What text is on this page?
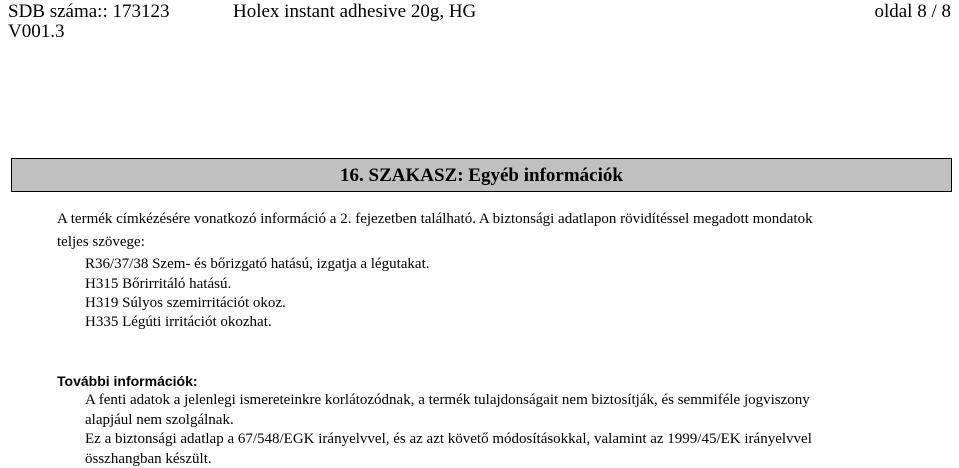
SDB száma:: 173123	Holex instant adhesive 20g, HG	oldal 8 / 8
V001.3
16. SZAKASZ: Egyéb információk
A termék címkézésére vonatkozó információ a 2. fejezetben található. A biztonsági adatlapon rövidítéssel megadott mondatok
teljes szövege:
R36/37/38 Szem- és bőrizgató hatású, izgatja a légutakat.
H315 Bőrirritáló hatású.
H319 Súlyos szemirritációt okoz.
H335 Légúti irritációt okozhat.
További információk:
A fenti adatok a jelenlegi ismereteinkre korlátozódnak, a termék tulajdonságait nem biztosítják, és semmiféle jogviszony
alapjául nem szolgálnak.
Ez a biztonsági adatlap a 67/548/EGK irányelvvel, és az azt követő módosításokkal, valamint az 1999/45/EK irányelvvel
összhangban készült.
